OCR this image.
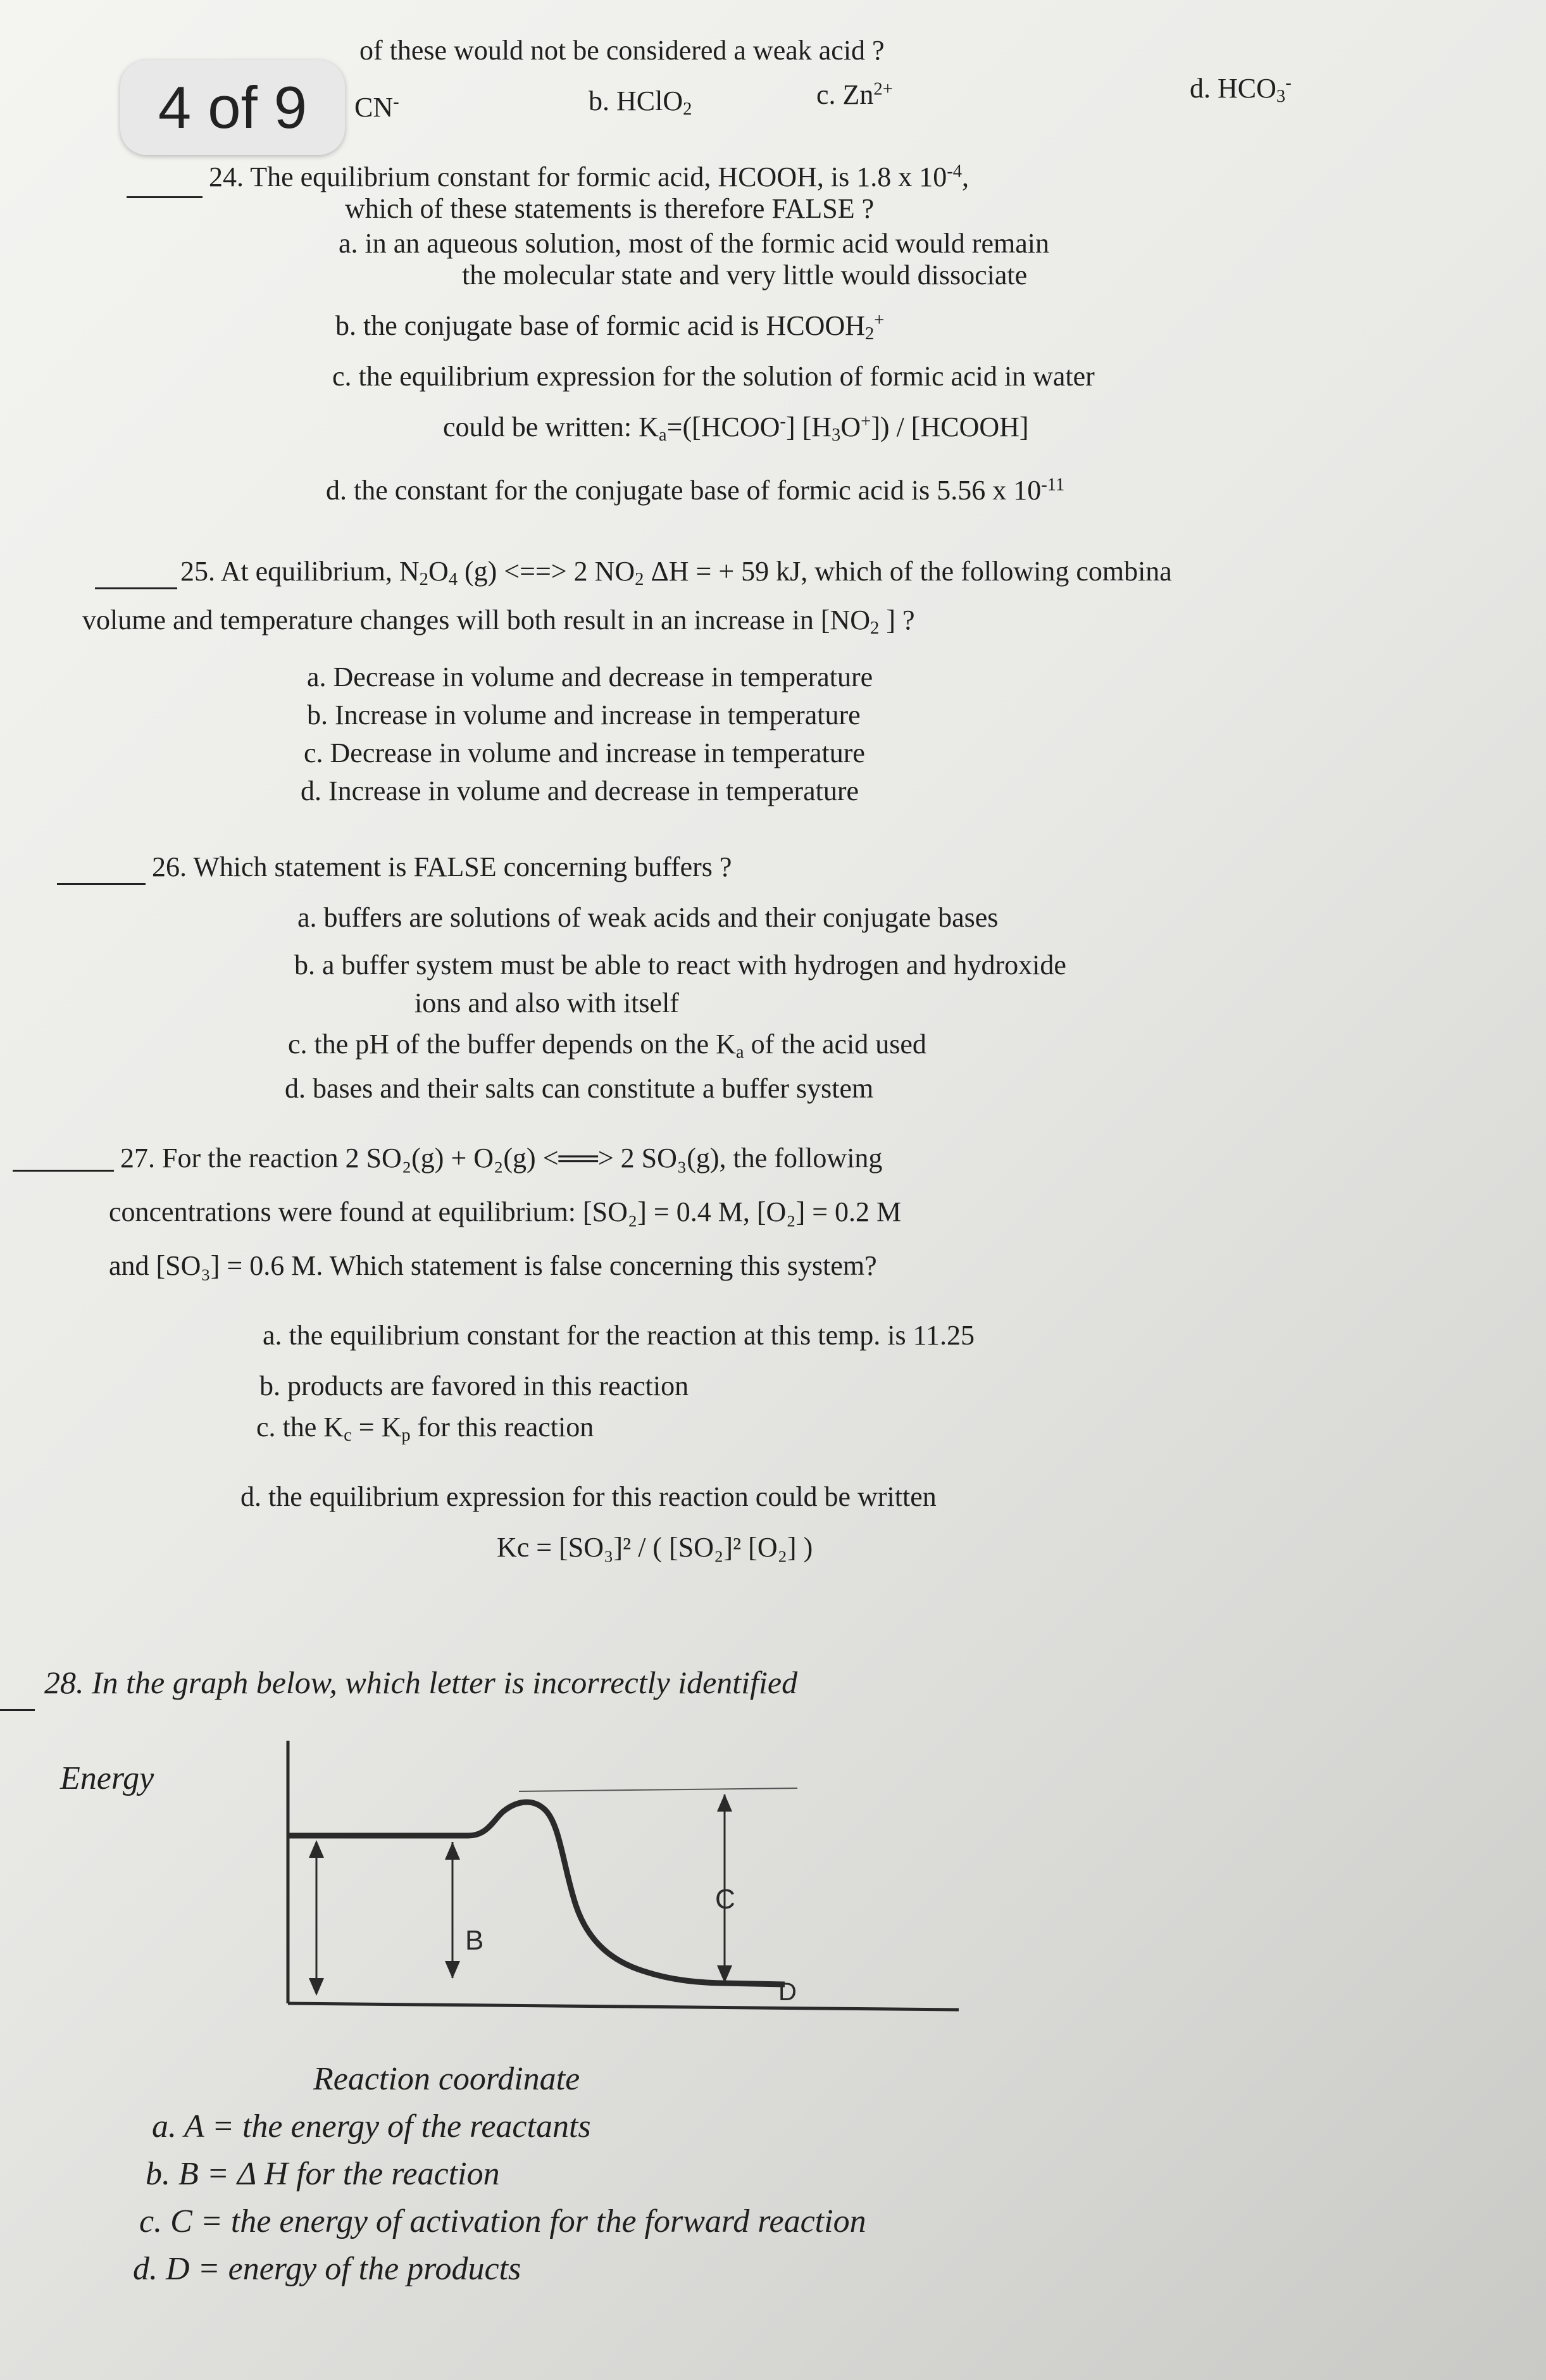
4 of 9
of these would not be considered a weak acid ?
CN-	b. HClO$_2$	c. $Zn^{2+}$	d. $HCO_3^-$
24. The equilibrium constant for formic acid, HCOOH, is 1.8 x $10^{-4}$,
which of these statements is therefore FALSE ?
a. in an aqueous solution, most of the formic acid would remain
the molecular state and very little would dissociate
b. the conjugate base of formic acid is $HCOOH_2^+$
c. the equilibrium expression for the solution of formic acid in water
could be written: $K_a=([HCOO^-]$ $[H_3O^+]$) / [HCOOH]
d. the constant for the conjugate base of formic acid is 5.56 x $10^{-11}$
25. At equilibrium, $N_2O_4$ (g) <==> 2 $NO_2$ ΔH = + 59 kJ, which of the following combina
volume and temperature changes will both result in an increase in [$NO_2$ ] ?
a. Decrease in volume and decrease in temperature
b. Increase in volume and increase in temperature
c. Decrease in volume and increase in temperature
d. Increase in volume and decrease in temperature
26. Which statement is FALSE concerning buffers ?
a. buffers are solutions of weak acids and their conjugate bases
b. a buffer system must be able to react with hydrogen and hydroxide
ions and also with itself
c. the pH of the buffer depends on the $K_a$ of the acid used
d. bases and their salts can constitute a buffer system
27. For the reaction 2 SO₂(g) + O₂(g) <══> 2 SO₃(g), the following
concentrations were found at equilibrium: [SO₂] = 0.4 M, [O₂] = 0.2 M
and [SO₃] = 0.6 M. Which statement is false concerning this system?
a. the equilibrium constant for the reaction at this temp. is 11.25
b. products are favored in this reaction
c. the $K_c = K_p$ for this reaction
d. the equilibrium expression for this reaction could be written
Kc = [SO₃]² / ( [SO₂]² [O₂] )
28. In the graph below, which letter is incorrectly identified
Energy
B
C
D
Reaction coordinate
a. A = the energy of the reactants
b. B = Δ H for the reaction
c. C = the energy of activation for the forward reaction
d. D = energy of the products
